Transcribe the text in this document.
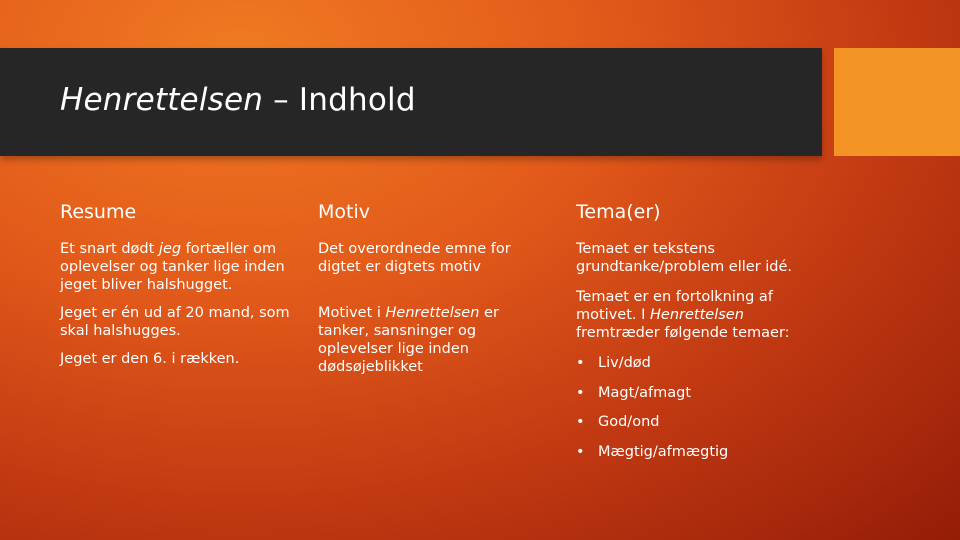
Henrettelsen – Indhold
Resume

Et snart dødt jeg fortæller om oplevelser og tanker lige inden jeget bliver halshugget.

Jeget er én ud af 20 mand, som skal halshugges.

Jeget er den 6. i rækken.

Motiv

Det overordnede emne for digtet er digtets motiv

Motivet i Henrettelsen er tanker, sansninger og oplevelser lige inden dødsøjeblikket

Tema(er)

Temaet er tekstens grundtanke/problem eller idé.

Temaet er en fortolkning af motivet. I Henrettelsen fremtræder følgende temaer:

• Liv/død
• Magt/afmagt
• God/ond
• Mægtig/afmægtig
